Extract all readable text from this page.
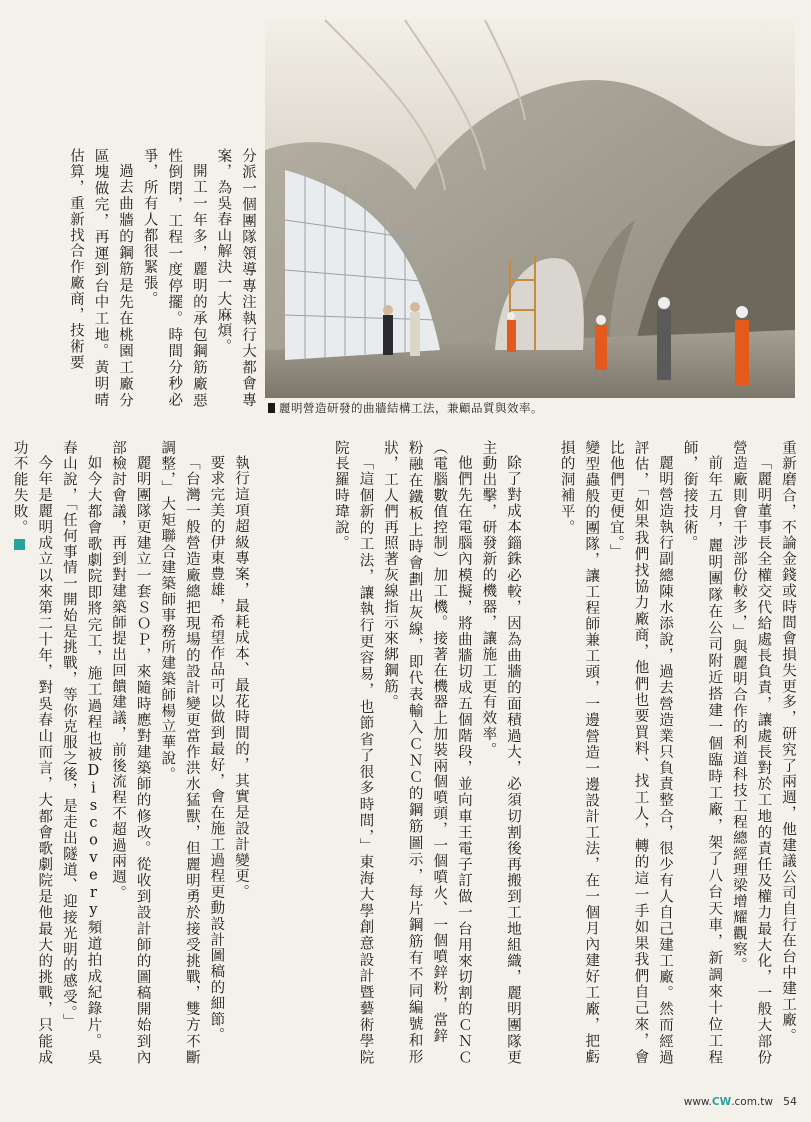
分派一個團隊領導專注執行大都會專案，為吳春山解決一大麻煩。

開工一年多，麗明的承包鋼筋廠惡性倒閉，工程一度停擺。時間分秒必爭，所有人都很緊張。

過去曲牆的鋼筋是先在桃園工廠分區塊做完，再運到台中工地。黃明晴估算，重新找合作廠商，技術要

麗明營造研發的曲牆結構工法，兼顧品質與效率。

重新磨合，不論金錢或時間會損失更多，研究了兩週，他建議公司自行在台中建工廠。

「麗明董事長全權交代給處長負責，讓處長對於工地的責任及權力最大化，一般大部份營造廠則會干涉部份較多，」與麗明合作的利道科技工程總經理梁增耀觀察。

前年五月，麗明團隊在公司附近搭建一個臨時工廠，架了八台天車，新調來十位工程師，銜接技術。

麗明營造執行副總陳水添說，過去營造業只負責整合，很少有人自己建工廠。然而經過評估，「如果我們找協力廠商，他們也要買料、找工人，轉的這一手如果我們自己來，會比他們更便宜。」

變型蟲般的團隊，讓工程師兼工頭，一邊營造一邊設計工法，在一個月內建好工廠，把虧損的洞補平。

除了對成本錙銖必較，因為曲牆的面積過大，必須切割後再搬到工地組織，麗明團隊更主動出擊，研發新的機器，讓施工更有效率。

他們先在電腦內模擬，將曲牆切成五個階段，並向車王電子訂做一台用來切割的ＣＮＣ（電腦數值控制）加工機。接著在機器上加裝兩個噴頭，一個噴火、一個噴鋅粉，當鋅

粉融在鐵板上時會劃出灰線，即代表輸入ＣＮＣ的鋼筋圖示，每片鋼筋有不同編號和形狀，工人們再照著灰線指示來綁鋼筋。

「這個新的工法，讓執行更容易，也節省了很多時間，」東海大學創意設計暨藝術學院院長羅時瑋說。

執行這項超級專案，最耗成本、最花時間的，其實是設計變更。

要求完美的伊東豊雄，希望作品可以做到最好，會在施工過程更動設計圖稿的細節。

「台灣一般營造廠總把現場的設計變更當作洪水猛獸，但麗明勇於接受挑戰，雙方不斷調整，」大矩聯合建築師事務所建築師楊立華說。

麗明團隊更建立一套ＳＯＰ，來隨時應對建築師的修改。從收到設計師的圖稿開始到內部檢討會議，再到對建築師提出回饋建議，前後流程不超過兩週。

如今大都會歌劇院即將完工，施工過程也被Discovery頻道拍成紀錄片。吳春山說，「任何事情一開始是挑戰，等你克服之後，是走出隧道、迎接光明的感受。」

今年是麗明成立以來第二十年，對吳春山而言，大都會歌劇院是他最大的挑戰，只能成功不能失敗。

www.CW.com.tw 54
